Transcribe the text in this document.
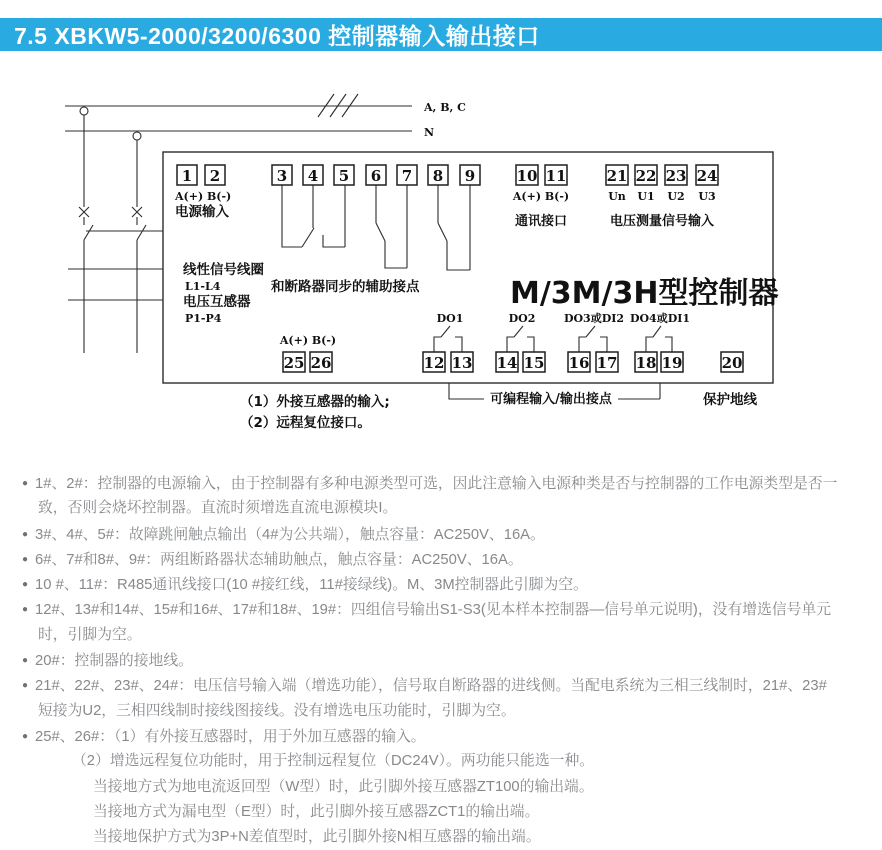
7.5 XBKW5-2000/3200/6300 控制器输入输出接口
A, B, C
N
1 2	3 4 5 6 7 8 9	10 11	21 22 23 24
A(+) B(-)
电源输入
A(+) B(-)
通讯接口
Un U1 U2 U3
电压测量信号输入
线性信号线圈
L1-L4
电压互感器
P1-P4
和断路器同步的辅助接点	M/3M/3H型控制器
DO1	DO2	DO3或DI2 DO4或DI1
A(+) B(-)
25 26	12 13 14 15 16 17 18 19	20
可编程输入/输出接点	保护地线
（1）外接互感器的输入;
（2）远程复位接口。
● 1#、2#：控制器的电源输入，由于控制器有多种电源类型可选，因此注意输入电源种类是否与控制器的工作电源类型是否一
致，否则会烧坏控制器。直流时须增选直流电源模块I。
● 3#、4#、5#：故障跳闸触点输出（4#为公共端），触点容量：AC250V、16A。
● 6#、7#和8#、9#：两组断路器状态辅助触点，触点容量：AC250V、16A。
● 10 #、11#：R485通讯线接口(10 #接红线，11#接绿线)。M、3M控制器此引脚为空。
● 12#、13#和14#、15#和16#、17#和18#、19#：四组信号输出S1-S3(见本样本控制器—信号单元说明)，没有增选信号单元
时，引脚为空。
● 20#：控制器的接地线。
● 21#、22#、23#、24#：电压信号输入端（增选功能），信号取自断路器的进线侧。当配电系统为三相三线制时，21#、23#
短接为U2，三相四线制时接线图接线。没有增选电压功能时，引脚为空。
● 25#、26#：（1）有外接互感器时，用于外加互感器的输入。
（2）增选远程复位功能时，用于控制远程复位（DC24V）。两功能只能选一种。
当接地方式为地电流返回型（W型）时，此引脚外接互感器ZT100的输出端。
当接地方式为漏电型（E型）时，此引脚外接互感器ZCT1的输出端。
当接地保护方式为3P+N差值型时，此引脚外接N相互感器的输出端。
